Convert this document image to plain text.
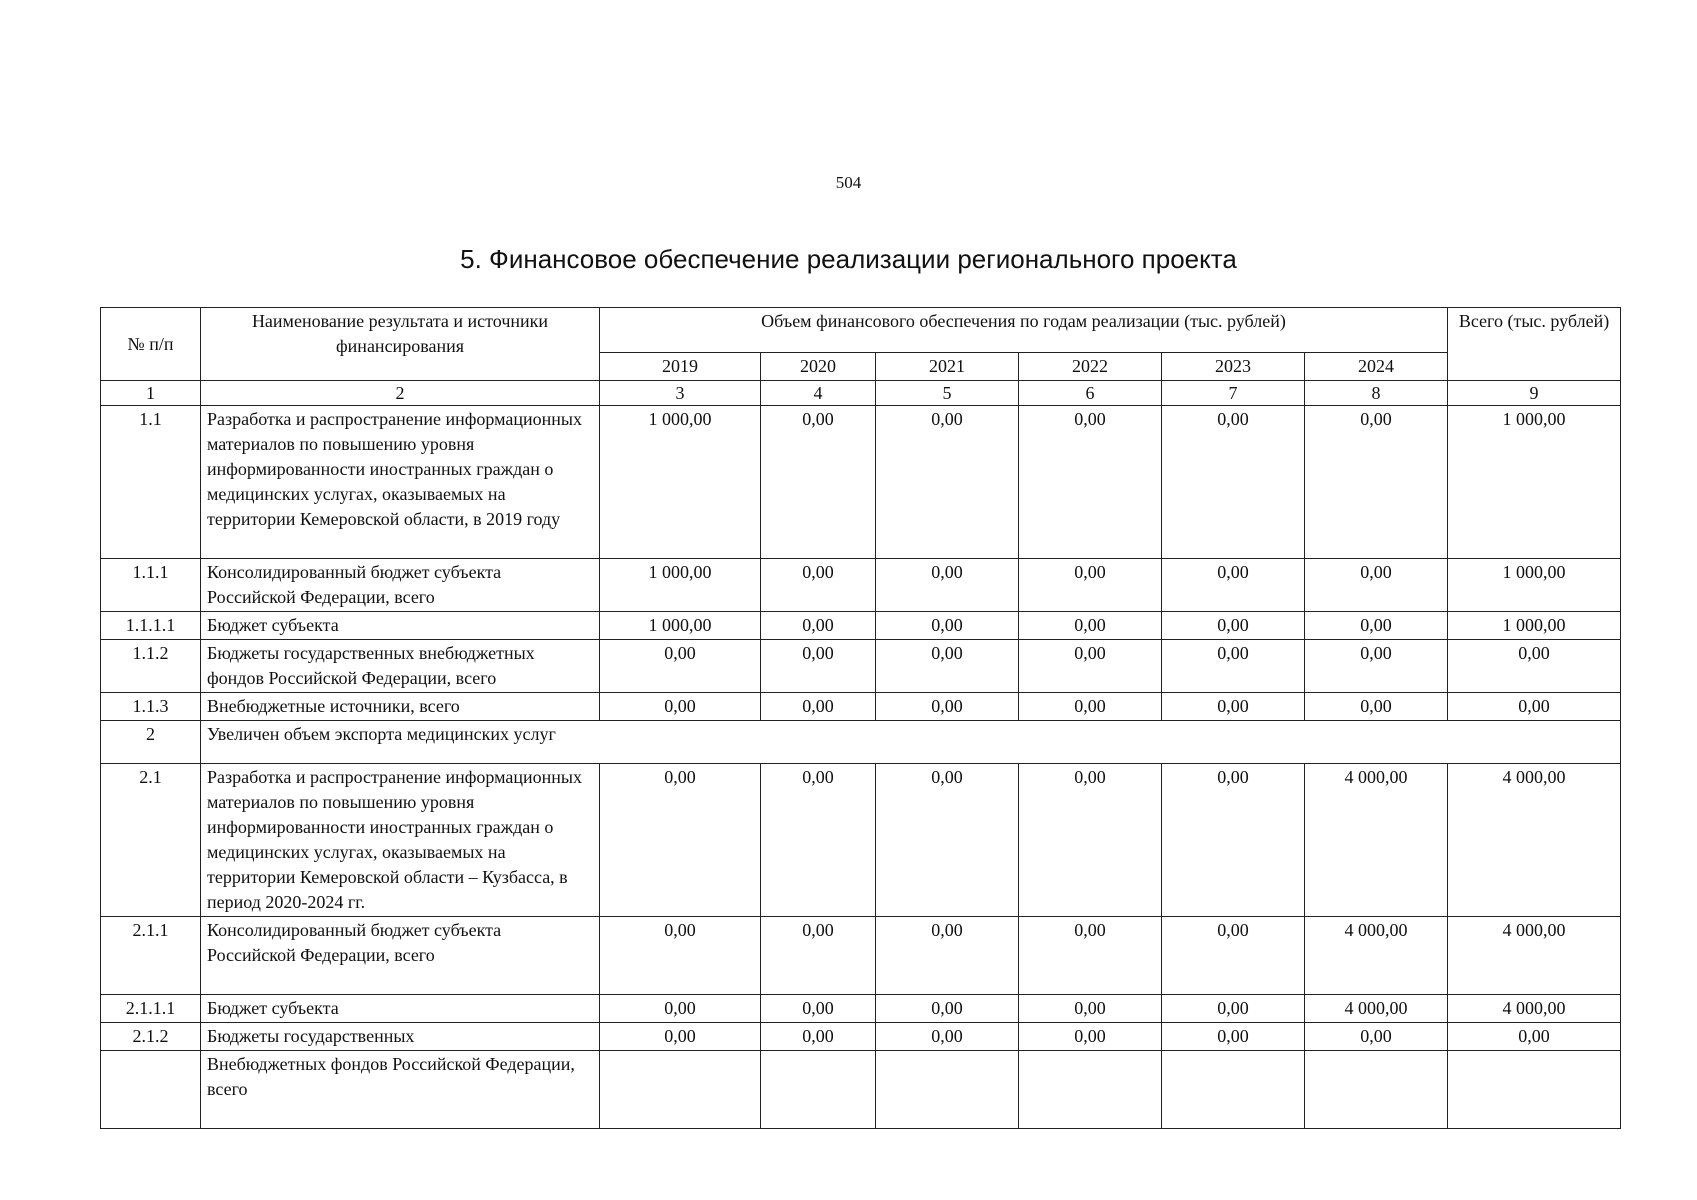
504
5. Финансовое обеспечение реализации регионального проекта
№ п/п	Наименование результата и источники финансирования	Объем финансового обеспечения по годам реализации (тыс. рублей)						Всего (тыс. рублей)
		2019	2020	2021	2022	2023	2024	
1	2	3	4	5	6	7	8	9
1.1	Разработка и распространение информационных материалов по повышению уровня информированности иностранных граждан о медицинских услугах, оказываемых на территории Кемеровской области, в 2019 году	1 000,00	0,00	0,00	0,00	0,00	0,00	1 000,00
1.1.1	Консолидированный бюджет субъекта Российской Федерации, всего	1 000,00	0,00	0,00	0,00	0,00	0,00	1 000,00
1.1.1.1	Бюджет субъекта	1 000,00	0,00	0,00	0,00	0,00	0,00	1 000,00
1.1.2	Бюджеты государственных внебюджетных фондов Российской Федерации, всего	0,00	0,00	0,00	0,00	0,00	0,00	0,00
1.1.3	Внебюджетные источники, всего	0,00	0,00	0,00	0,00	0,00	0,00	0,00
2	Увеличен объем экспорта медицинских услуг							
2.1	Разработка и распространение информационных материалов по повышению уровня информированности иностранных граждан о медицинских услугах, оказываемых на территории Кемеровской области – Кузбасса, в период 2020-2024 гг.	0,00	0,00	0,00	0,00	0,00	4 000,00	4 000,00
2.1.1	Консолидированный бюджет субъекта Российской Федерации, всего	0,00	0,00	0,00	0,00	0,00	4 000,00	4 000,00
2.1.1.1	Бюджет субъекта	0,00	0,00	0,00	0,00	0,00	4 000,00	4 000,00
2.1.2	Бюджеты государственных	0,00	0,00	0,00	0,00	0,00	0,00	0,00
	Внебюджетных фондов Российской Федерации, всего							
